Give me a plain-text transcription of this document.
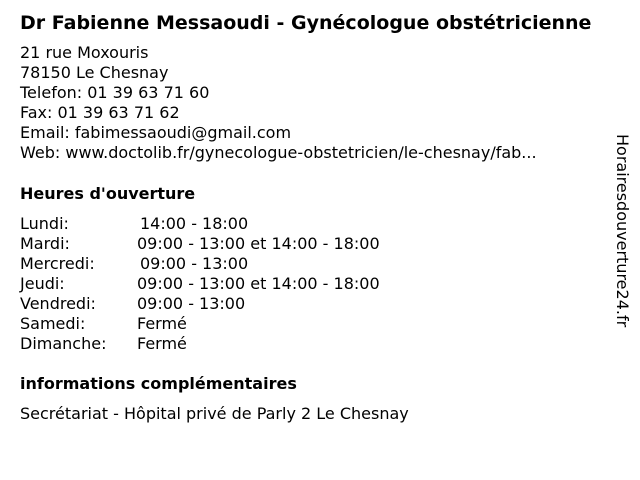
Dr Fabienne Messaoudi - Gynécologue obstétricienne
21 rue Moxouris
78150 Le Chesnay
Telefon: 01 39 63 71 60
Fax: 01 39 63 71 62
Email: fabimessaoudi@gmail.com
Web: www.doctolib.fr/gynecologue-obstetricien/le-chesnay/fab...
Heures d'ouverture
Lundi:	14:00 - 18:00
Mardi:	09:00 - 13:00 et 14:00 - 18:00
Mercredi:	09:00 - 13:00
Jeudi:	09:00 - 13:00 et 14:00 - 18:00
Vendredi:	09:00 - 13:00
Samedi:	Fermé
Dimanche: Fermé
informations complémentaires
Secrétariat - Hôpital privé de Parly 2 Le Chesnay
Horairesdouverture24.fr
